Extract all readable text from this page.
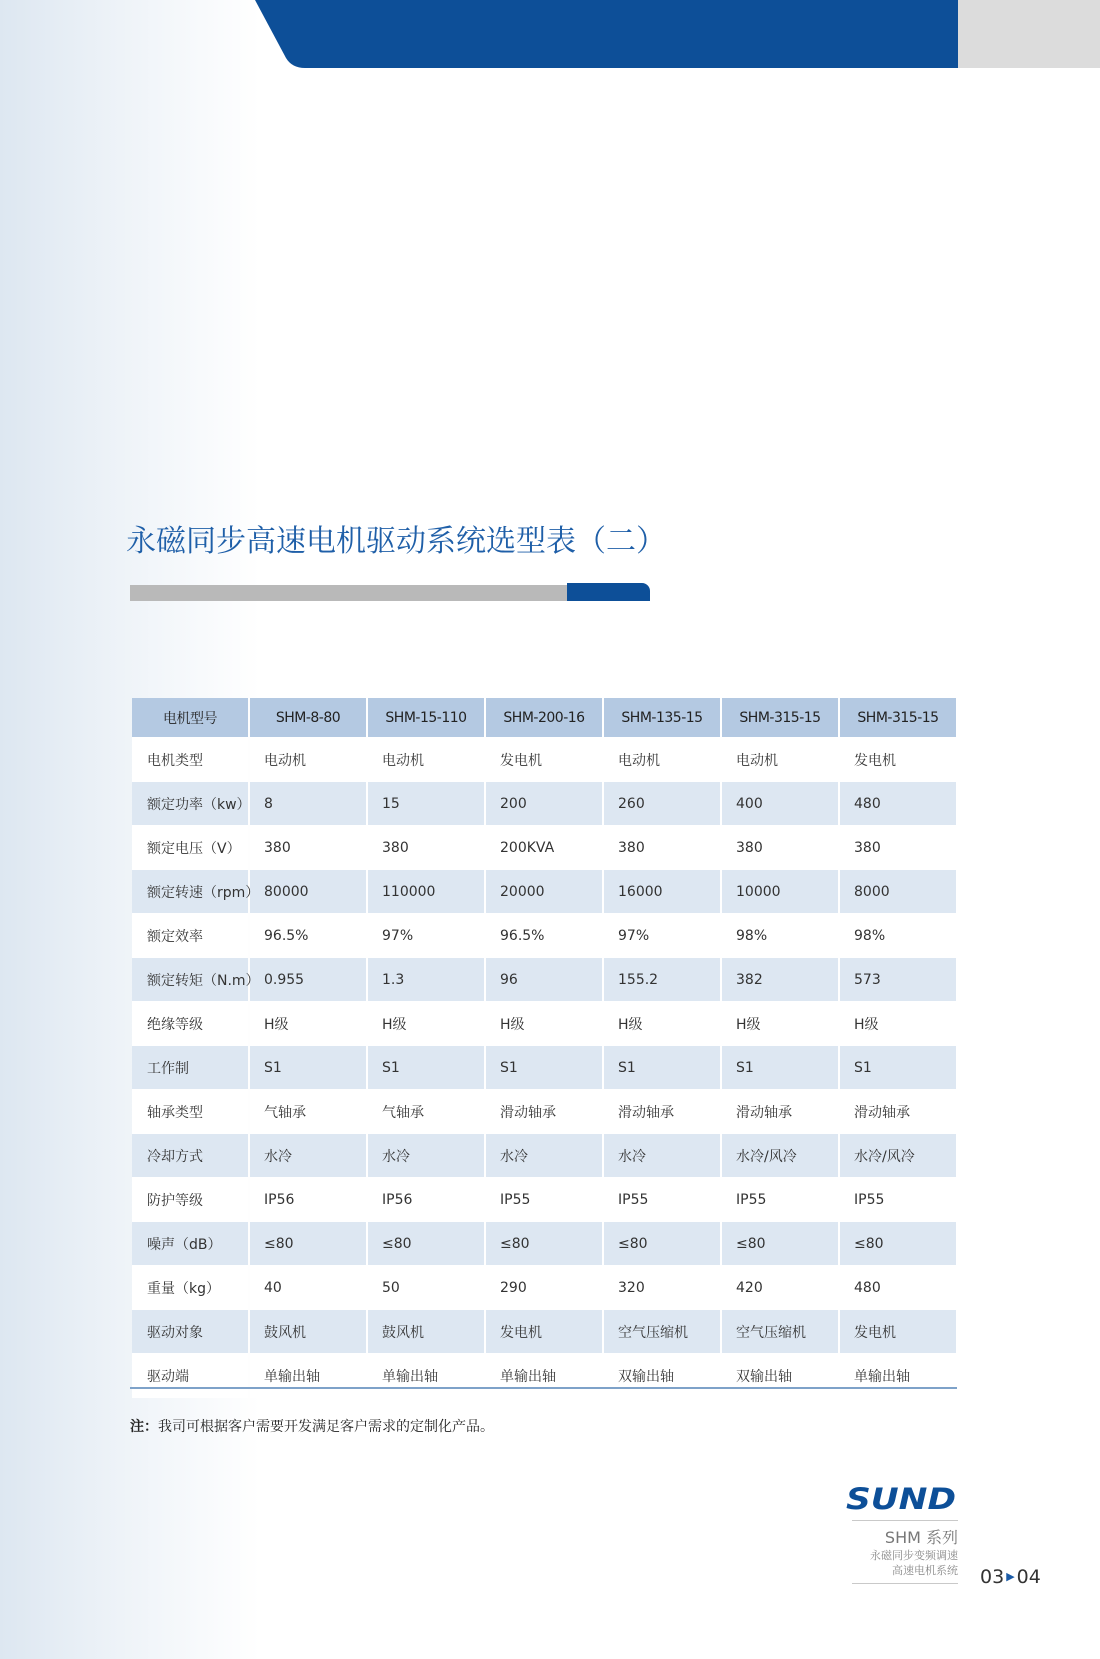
永磁同步高速电机驱动系统选型表（二）
电机型号	SHM-8-80	SHM-15-110	SHM-200-16	SHM-135-15	SHM-315-15	SHM-315-15
电机类型	电动机	电动机	发电机	电动机	电动机	发电机
额定功率（kw）	8	15	200	260	400	480
额定电压（V）	380	380	200KVA	380	380	380
额定转速（rpm）	80000	110000	20000	16000	10000	8000
额定效率	96.5%	97%	96.5%	97%	98%	98%
额定转矩（N.m）	0.955	1.3	96	155.2	382	573
绝缘等级	H级	H级	H级	H级	H级	H级
工作制	S1	S1	S1	S1	S1	S1
轴承类型	气轴承	气轴承	滑动轴承	滑动轴承	滑动轴承	滑动轴承
冷却方式	水冷	水冷	水冷	水冷	水冷/风冷	水冷/风冷
防护等级	IP56	IP56	IP55	IP55	IP55	IP55
噪声（dB）	≤80	≤80	≤80	≤80	≤80	≤80
重量（kg）	40	50	290	320	420	480
驱动对象	鼓风机	鼓风机	发电机	空气压缩机	空气压缩机	发电机
驱动端	单输出轴	单输出轴	单输出轴	双输出轴	双输出轴	单输出轴
注：我司可根据客户需要开发满足客户需求的定制化产品。
SUND
SHM 系列
永磁同步变频调速
高速电机系统 03 ▶ 04
